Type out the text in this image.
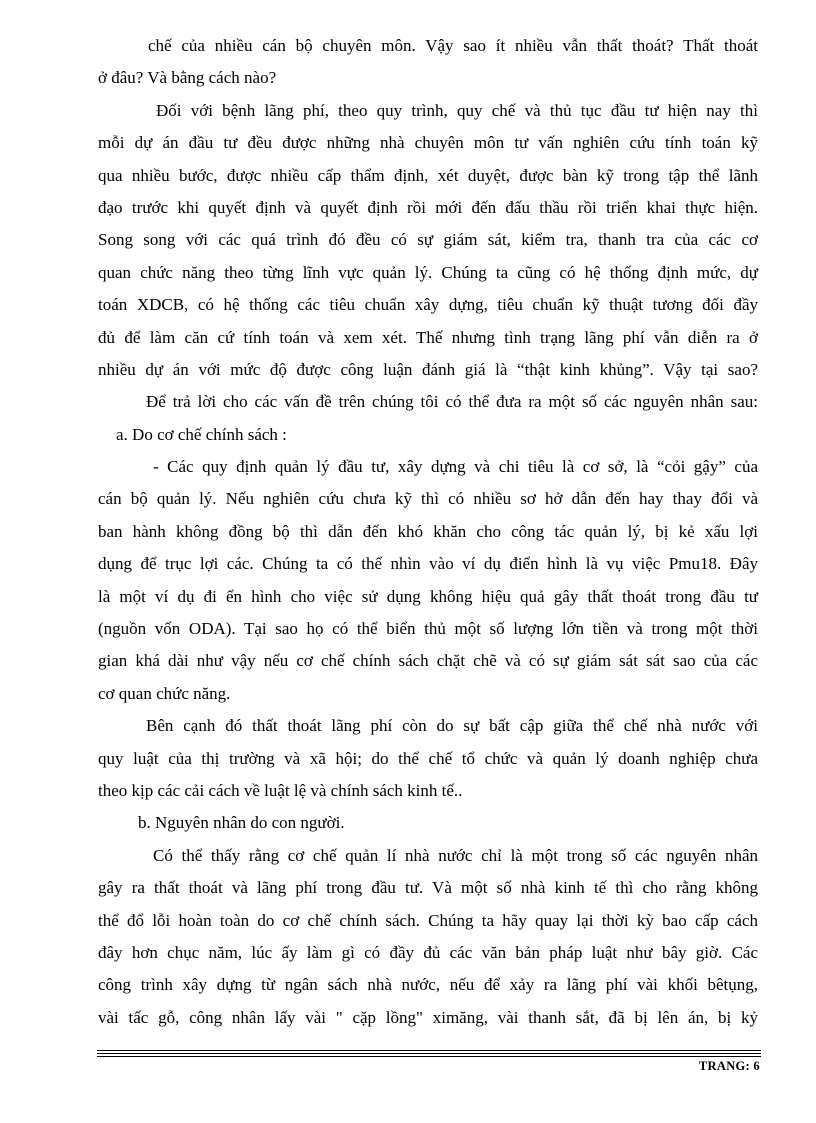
chế của nhiều cán bộ chuyên môn. Vậy sao ít nhiều vẫn thất thoát? Thất thoát
ở đâu? Và bằng cách nào?
Đối với bệnh lãng phí, theo quy trình, quy chế và thủ tục đầu tư hiện nay thì
mỗi dự án đầu tư đều được những nhà chuyên môn tư vấn nghiên cứu tính toán kỹ
qua nhiều bước, được nhiều cấp thẩm định, xét duyệt, được bàn kỹ trong tập thể lãnh
đạo trước khi quyết định và quyết định rồi mới đến đấu thầu rồi triển khai thực hiện.
Song song với các quá trình đó đều có sự giám sát, kiểm tra, thanh tra của các cơ
quan chức năng theo từng lĩnh vực quản lý. Chúng ta cũng có hệ thống định mức, dự
toán XDCB, có hệ thống các tiêu chuẩn xây dựng, tiêu chuẩn kỹ thuật tương đối đầy
đủ để làm căn cứ tính toán và xem xét. Thế nhưng tình trạng lãng phí vẫn diễn ra ở
nhiều dự án với mức độ được công luận đánh giá là “thật kinh khủng”. Vậy tại sao?
Để trả lời cho các vấn đề trên chúng tôi có thể đưa ra một số các nguyên nhân sau:
a. Do cơ chế chính sách :
- Các quy định quản lý đầu tư, xây dựng và chi tiêu là cơ sở, là “cỏi gậy” của
cán bộ quản lý. Nếu nghiên cứu chưa kỹ thì có nhiều sơ hở dẫn đến hay thay đổi và
ban hành không đồng bộ thì dẫn đến khó khăn cho công tác quản lý, bị kẻ xấu lợi
dụng để trục lợi các. Chúng ta có thể nhìn vào ví dụ điển hình là vụ việc Pmu18. Đây
là một ví dụ đi ển hình cho việc sử dụng không hiệu quả gây thất thoát trong đầu tư
(nguồn vốn ODA). Tại sao họ có thể biển thủ một số lượng lớn tiền và trong một thời
gian khá dài như vậy nếu cơ chế chính sách chặt chẽ và có sự giám sát sát sao của các
cơ quan chức năng.
Bên cạnh đó thất thoát lãng phí còn do sự bất cập giữa thể chế nhà nước với
quy luật của thị trường và xã hội; do thể chế tổ chức và quản lý doanh nghiệp chưa
theo kịp các cải cách về luật lệ và chính sách kinh tế..
b. Nguyên nhân do con người.
Có thể thấy rằng cơ chế quản lí nhà nước chỉ là một trong số các nguyên nhân
gây ra thất thoát và lãng phí trong đầu tư. Và một số nhà kinh tế thì cho rằng không
thể đổ lỗi hoàn toàn do cơ chế chính sách. Chúng ta hãy quay lại thời kỳ bao cấp cách
đây hơn chục năm, lúc ấy làm gì có đầy đủ các văn bản pháp luật như bây giờ. Các
công trình xây dựng từ ngân sách nhà nước, nếu để xảy ra lãng phí vài khối bêtụng,
vài tấc gỗ, công nhân lấy vài " cặp lồng" ximăng, vài thanh sắt, đã bị lên án, bị kỷ
TRANG: 6
